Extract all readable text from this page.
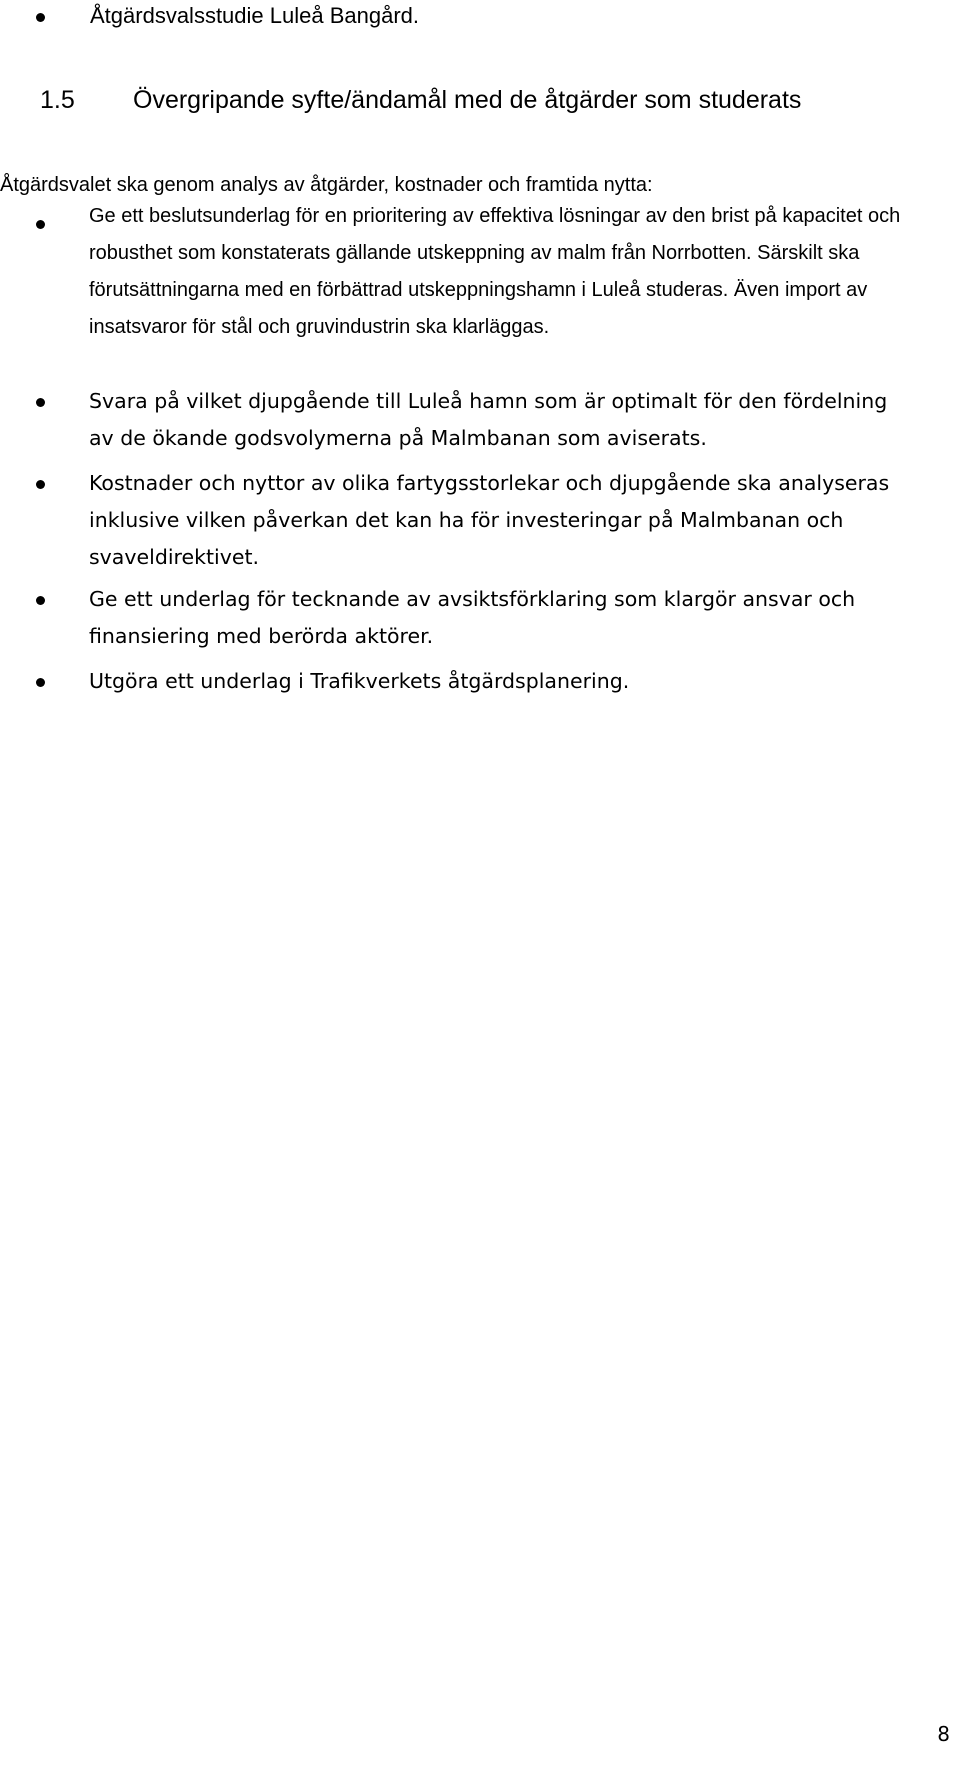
Åtgärdsvalsstudie Luleå Bangård.
1.5 Övergripande syfte/ändamål med de åtgärder som studerats
Åtgärdsvalet ska genom analys av åtgärder, kostnader och framtida nytta:
Ge ett beslutsunderlag för en prioritering av effektiva lösningar av den brist på kapacitet och robusthet som konstaterats gällande utskeppning av malm från Norrbotten. Särskilt ska förutsättningarna med en förbättrad utskeppningshamn i Luleå studeras. Även import av insatsvaror för stål och gruvindustrin ska klarläggas.
Svara på vilket djupgående till Luleå hamn som är optimalt för den fördelning av de ökande godsvolymerna på Malmbanan som aviserats.
Kostnader och nyttor av olika fartygsstorlekar och djupgående ska analyseras inklusive vilken påverkan det kan ha för investeringar på Malmbanan och svaveldirektivet.
Ge ett underlag för tecknande av avsiktsförklaring som klargör ansvar och finansiering med berörda aktörer.
Utgöra ett underlag i Trafikverkets åtgärdsplanering.
8
